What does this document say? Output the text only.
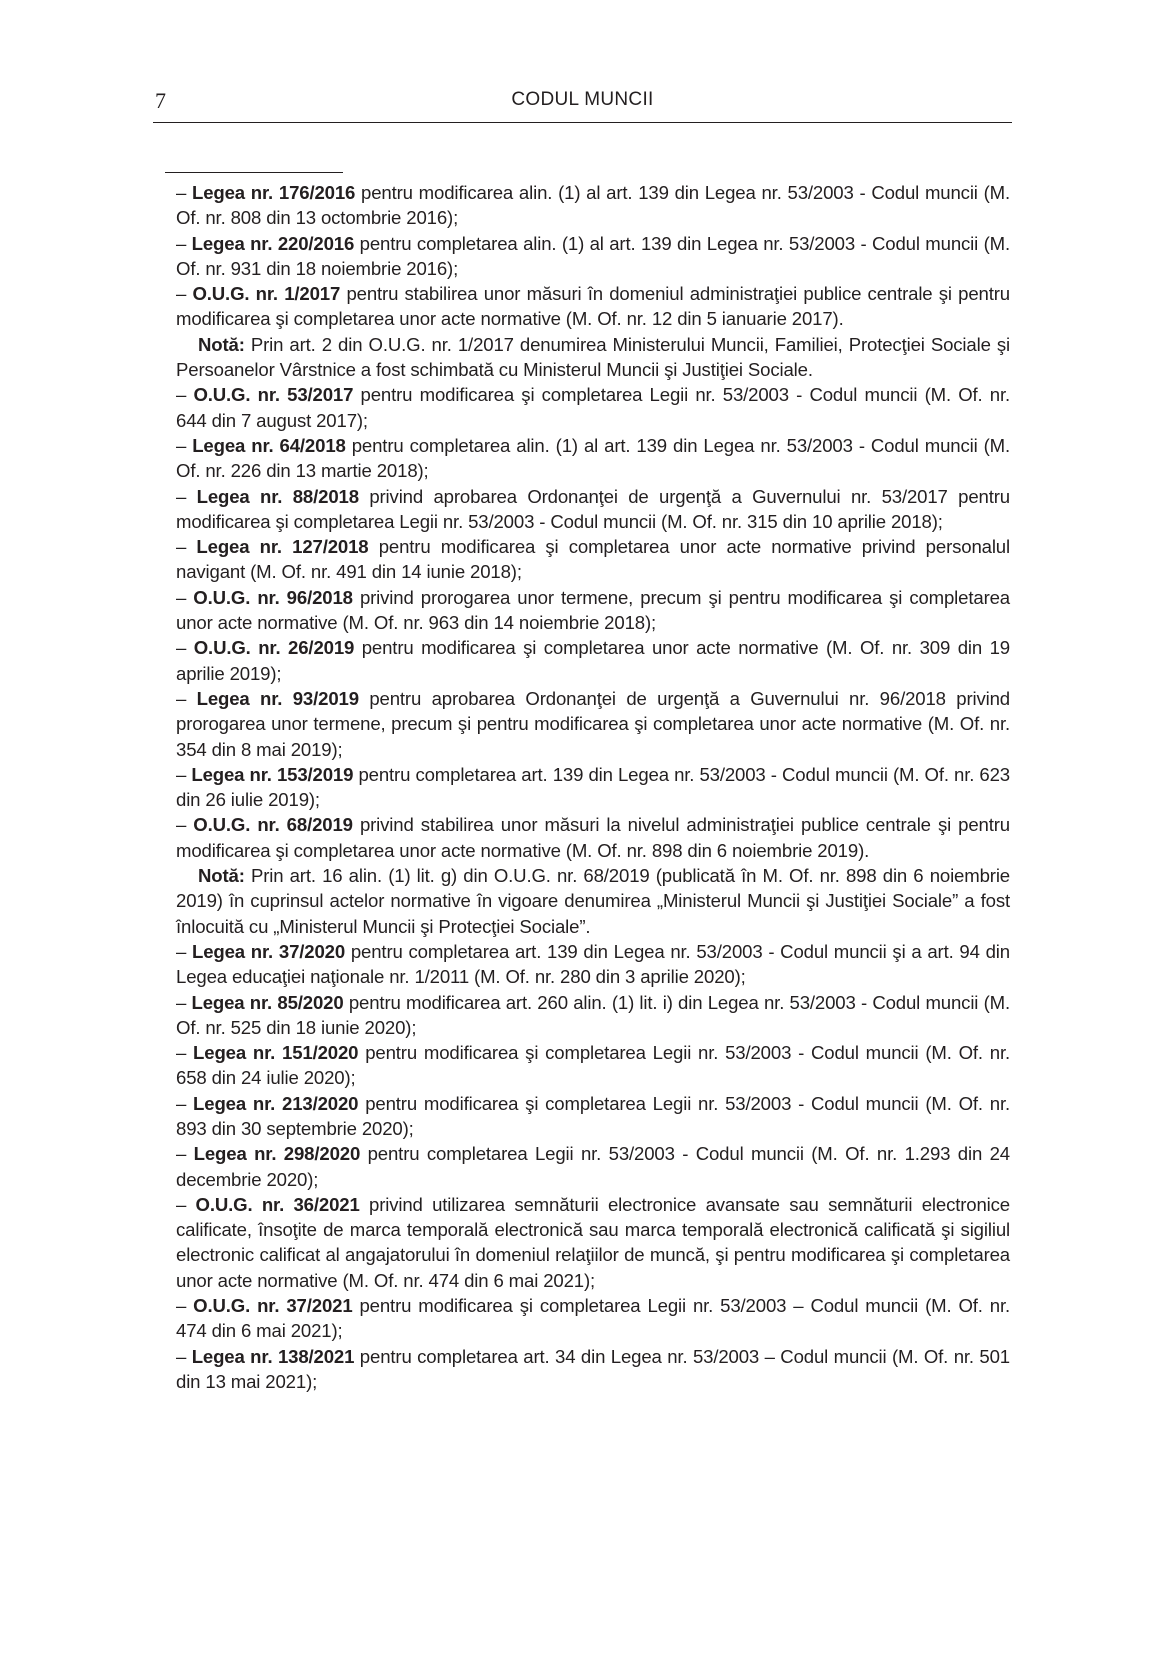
7	CODUL MUNCII

– Legea nr. 176/2016 pentru modificarea alin. (1) al art. 139 din Legea nr. 53/2003 - Codul muncii (M. Of. nr. 808 din 13 octombrie 2016);

– Legea nr. 220/2016 pentru completarea alin. (1) al art. 139 din Legea nr. 53/2003 - Codul muncii (M. Of. nr. 931 din 18 noiembrie 2016);

– O.U.G. nr. 1/2017 pentru stabilirea unor măsuri în domeniul administraţiei publice centrale şi pentru modificarea şi completarea unor acte normative (M. Of. nr. 12 din 5 ianuarie 2017).

Notă: Prin art. 2 din O.U.G. nr. 1/2017 denumirea Ministerului Muncii, Familiei, Protecţiei Sociale şi Persoanelor Vârstnice a fost schimbată cu Ministerul Muncii şi Justiţiei Sociale.

– O.U.G. nr. 53/2017 pentru modificarea şi completarea Legii nr. 53/2003 - Codul muncii (M. Of. nr. 644 din 7 august 2017);

– Legea nr. 64/2018 pentru completarea alin. (1) al art. 139 din Legea nr. 53/2003 - Codul muncii (M. Of. nr. 226 din 13 martie 2018);

– Legea nr. 88/2018 privind aprobarea Ordonanţei de urgenţă a Guvernului nr. 53/2017 pentru modificarea şi completarea Legii nr. 53/2003 - Codul muncii (M. Of. nr. 315 din 10 aprilie 2018);

– Legea nr. 127/2018 pentru modificarea şi completarea unor acte normative privind personalul navigant (M. Of. nr. 491 din 14 iunie 2018);

– O.U.G. nr. 96/2018 privind prorogarea unor termene, precum şi pentru modificarea şi completarea unor acte normative (M. Of. nr. 963 din 14 noiembrie 2018);

– O.U.G. nr. 26/2019 pentru modificarea şi completarea unor acte normative (M. Of. nr. 309 din 19 aprilie 2019);

– Legea nr. 93/2019 pentru aprobarea Ordonanţei de urgenţă a Guvernului nr. 96/2018 privind prorogarea unor termene, precum şi pentru modificarea şi completarea unor acte normative (M. Of. nr. 354 din 8 mai 2019);

– Legea nr. 153/2019 pentru completarea art. 139 din Legea nr. 53/2003 - Codul muncii (M. Of. nr. 623 din 26 iulie 2019);

– O.U.G. nr. 68/2019 privind stabilirea unor măsuri la nivelul administraţiei publice centrale şi pentru modificarea şi completarea unor acte normative (M. Of. nr. 898 din 6 noiembrie 2019).

Notă: Prin art. 16 alin. (1) lit. g) din O.U.G. nr. 68/2019 (publicată în M. Of. nr. 898 din 6 noiembrie 2019) în cuprinsul actelor normative în vigoare denumirea „Ministerul Muncii şi Justiţiei Sociale” a fost înlocuită cu „Ministerul Muncii şi Protecţiei Sociale”.

– Legea nr. 37/2020 pentru completarea art. 139 din Legea nr. 53/2003 - Codul muncii şi a art. 94 din Legea educaţiei naţionale nr. 1/2011 (M. Of. nr. 280 din 3 aprilie 2020);

– Legea nr. 85/2020 pentru modificarea art. 260 alin. (1) lit. i) din Legea nr. 53/2003 - Codul muncii (M. Of. nr. 525 din 18 iunie 2020);

– Legea nr. 151/2020 pentru modificarea şi completarea Legii nr. 53/2003 - Codul muncii (M. Of. nr. 658 din 24 iulie 2020);

– Legea nr. 213/2020 pentru modificarea şi completarea Legii nr. 53/2003 - Codul muncii (M. Of. nr. 893 din 30 septembrie 2020);

– Legea nr. 298/2020 pentru completarea Legii nr. 53/2003 - Codul muncii (M. Of. nr. 1.293 din 24 decembrie 2020);

– O.U.G. nr. 36/2021 privind utilizarea semnăturii electronice avansate sau semnăturii electronice calificate, însoţite de marca temporală electronică sau marca temporală electronică calificată şi sigiliul electronic calificat al angajatorului în domeniul relaţiilor de muncă, şi pentru modificarea şi completarea unor acte normative (M. Of. nr. 474 din 6 mai 2021);

– O.U.G. nr. 37/2021 pentru modificarea şi completarea Legii nr. 53/2003 – Codul muncii (M. Of. nr. 474 din 6 mai 2021);

– Legea nr. 138/2021 pentru completarea art. 34 din Legea nr. 53/2003 – Codul muncii (M. Of. nr. 501 din 13 mai 2021);
